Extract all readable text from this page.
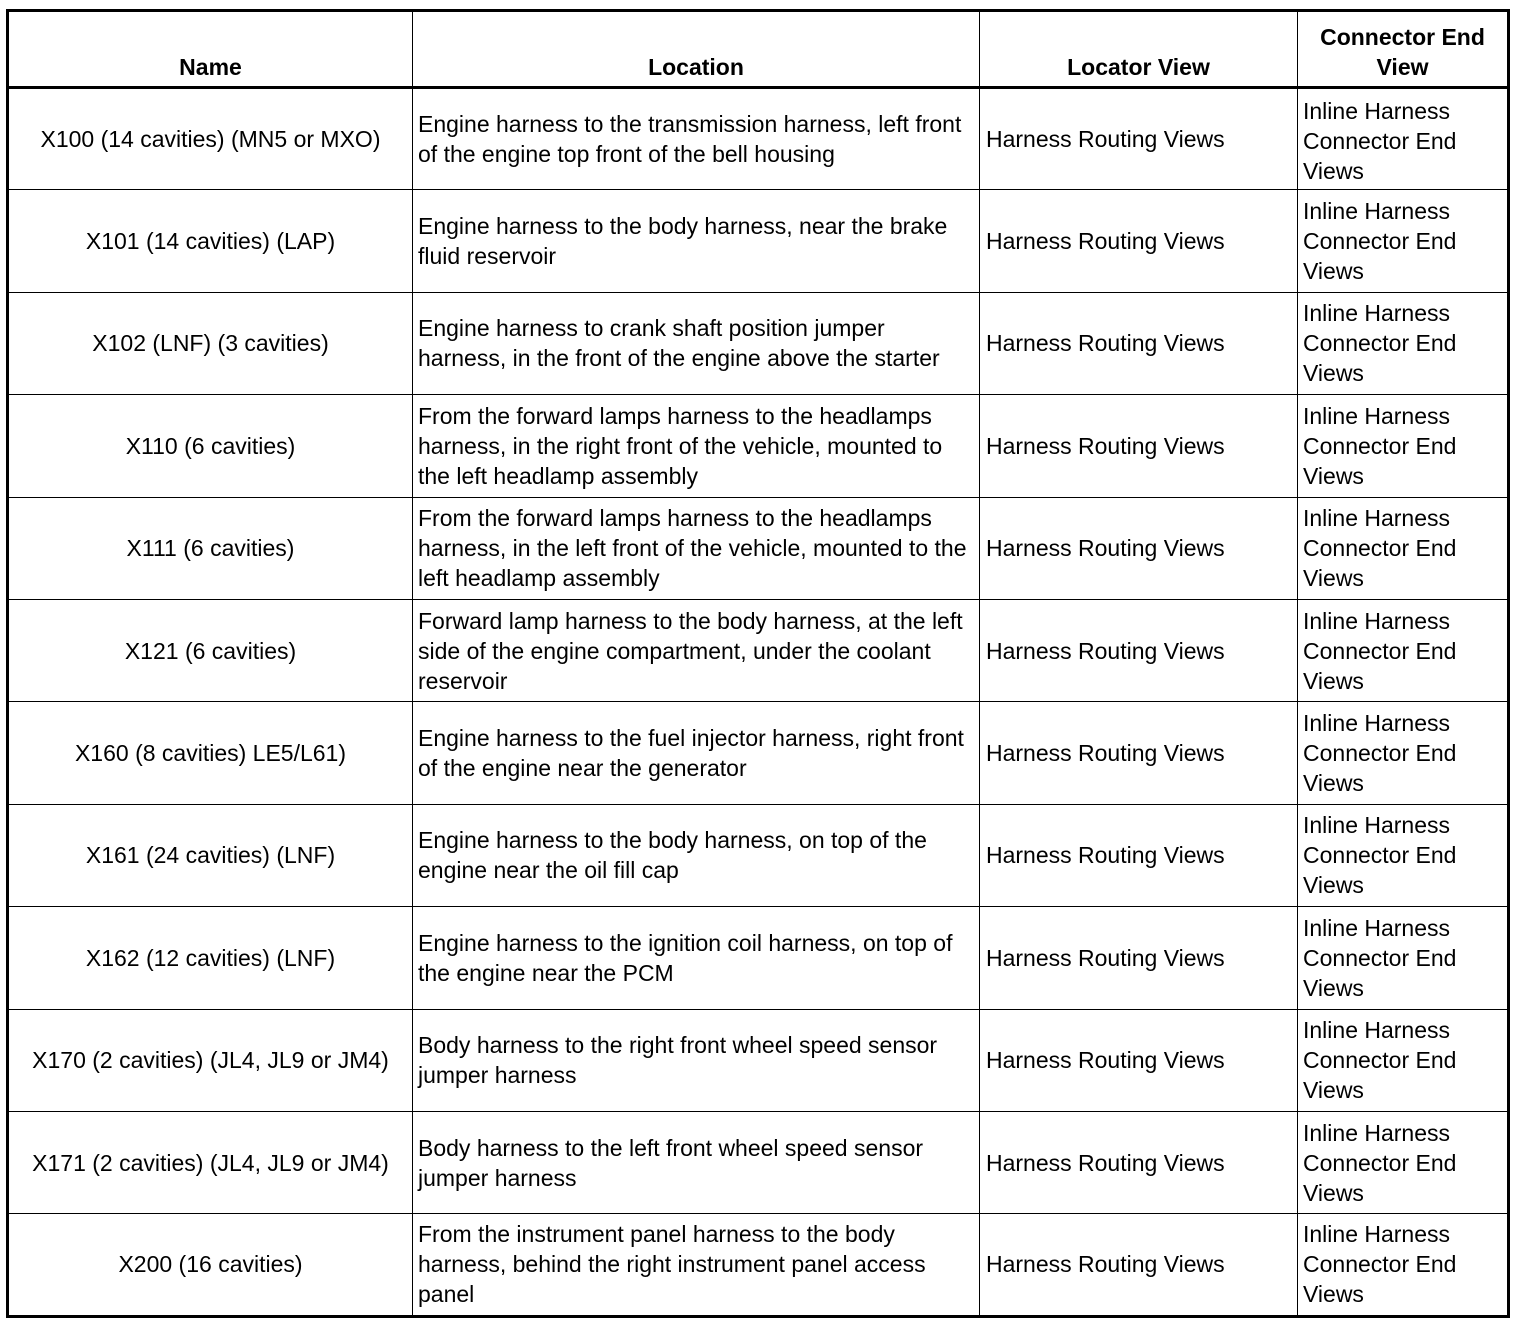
Name	Location	Locator View	Connector End View
X100 (14 cavities) (MN5 or MXO)	Engine harness to the transmission harness, left front of the engine top front of the bell housing	Harness Routing Views	Inline Harness Connector End Views

X101 (14 cavities) (LAP)	Engine harness to the body harness, near the brake fluid reservoir	Harness Routing Views	Inline Harness Connector End Views

X102 (LNF) (3 cavities)	Engine harness to crank shaft position jumper harness, in the front of the engine above the starter	Harness Routing Views	Inline Harness Connector End Views

X110 (6 cavities)	From the forward lamps harness to the headlamps harness, in the right front of the vehicle, mounted to the left headlamp assembly	Harness Routing Views	Inline Harness Connector End Views

X111 (6 cavities)	From the forward lamps harness to the headlamps harness, in the left front of the vehicle, mounted to the left headlamp assembly	Harness Routing Views	Inline Harness Connector End Views

X121 (6 cavities)	Forward lamp harness to the body harness, at the left side of the engine compartment, under the coolant reservoir	Harness Routing Views	Inline Harness Connector End Views

X160 (8 cavities) LE5/L61)	Engine harness to the fuel injector harness, right front of the engine near the generator	Harness Routing Views	Inline Harness Connector End Views

X161 (24 cavities) (LNF)	Engine harness to the body harness, on top of the engine near the oil fill cap	Harness Routing Views	Inline Harness Connector End Views

X162 (12 cavities) (LNF)	Engine harness to the ignition coil harness, on top of the engine near the PCM	Harness Routing Views	Inline Harness Connector End Views

X170 (2 cavities) (JL4, JL9 or JM4)	Body harness to the right front wheel speed sensor jumper harness	Harness Routing Views	Inline Harness Connector End Views

X171 (2 cavities) (JL4, JL9 or JM4)	Body harness to the left front wheel speed sensor jumper harness	Harness Routing Views	Inline Harness Connector End Views

X200 (16 cavities)	From the instrument panel harness to the body harness, behind the right instrument panel access panel	Harness Routing Views	Inline Harness Connector End Views
